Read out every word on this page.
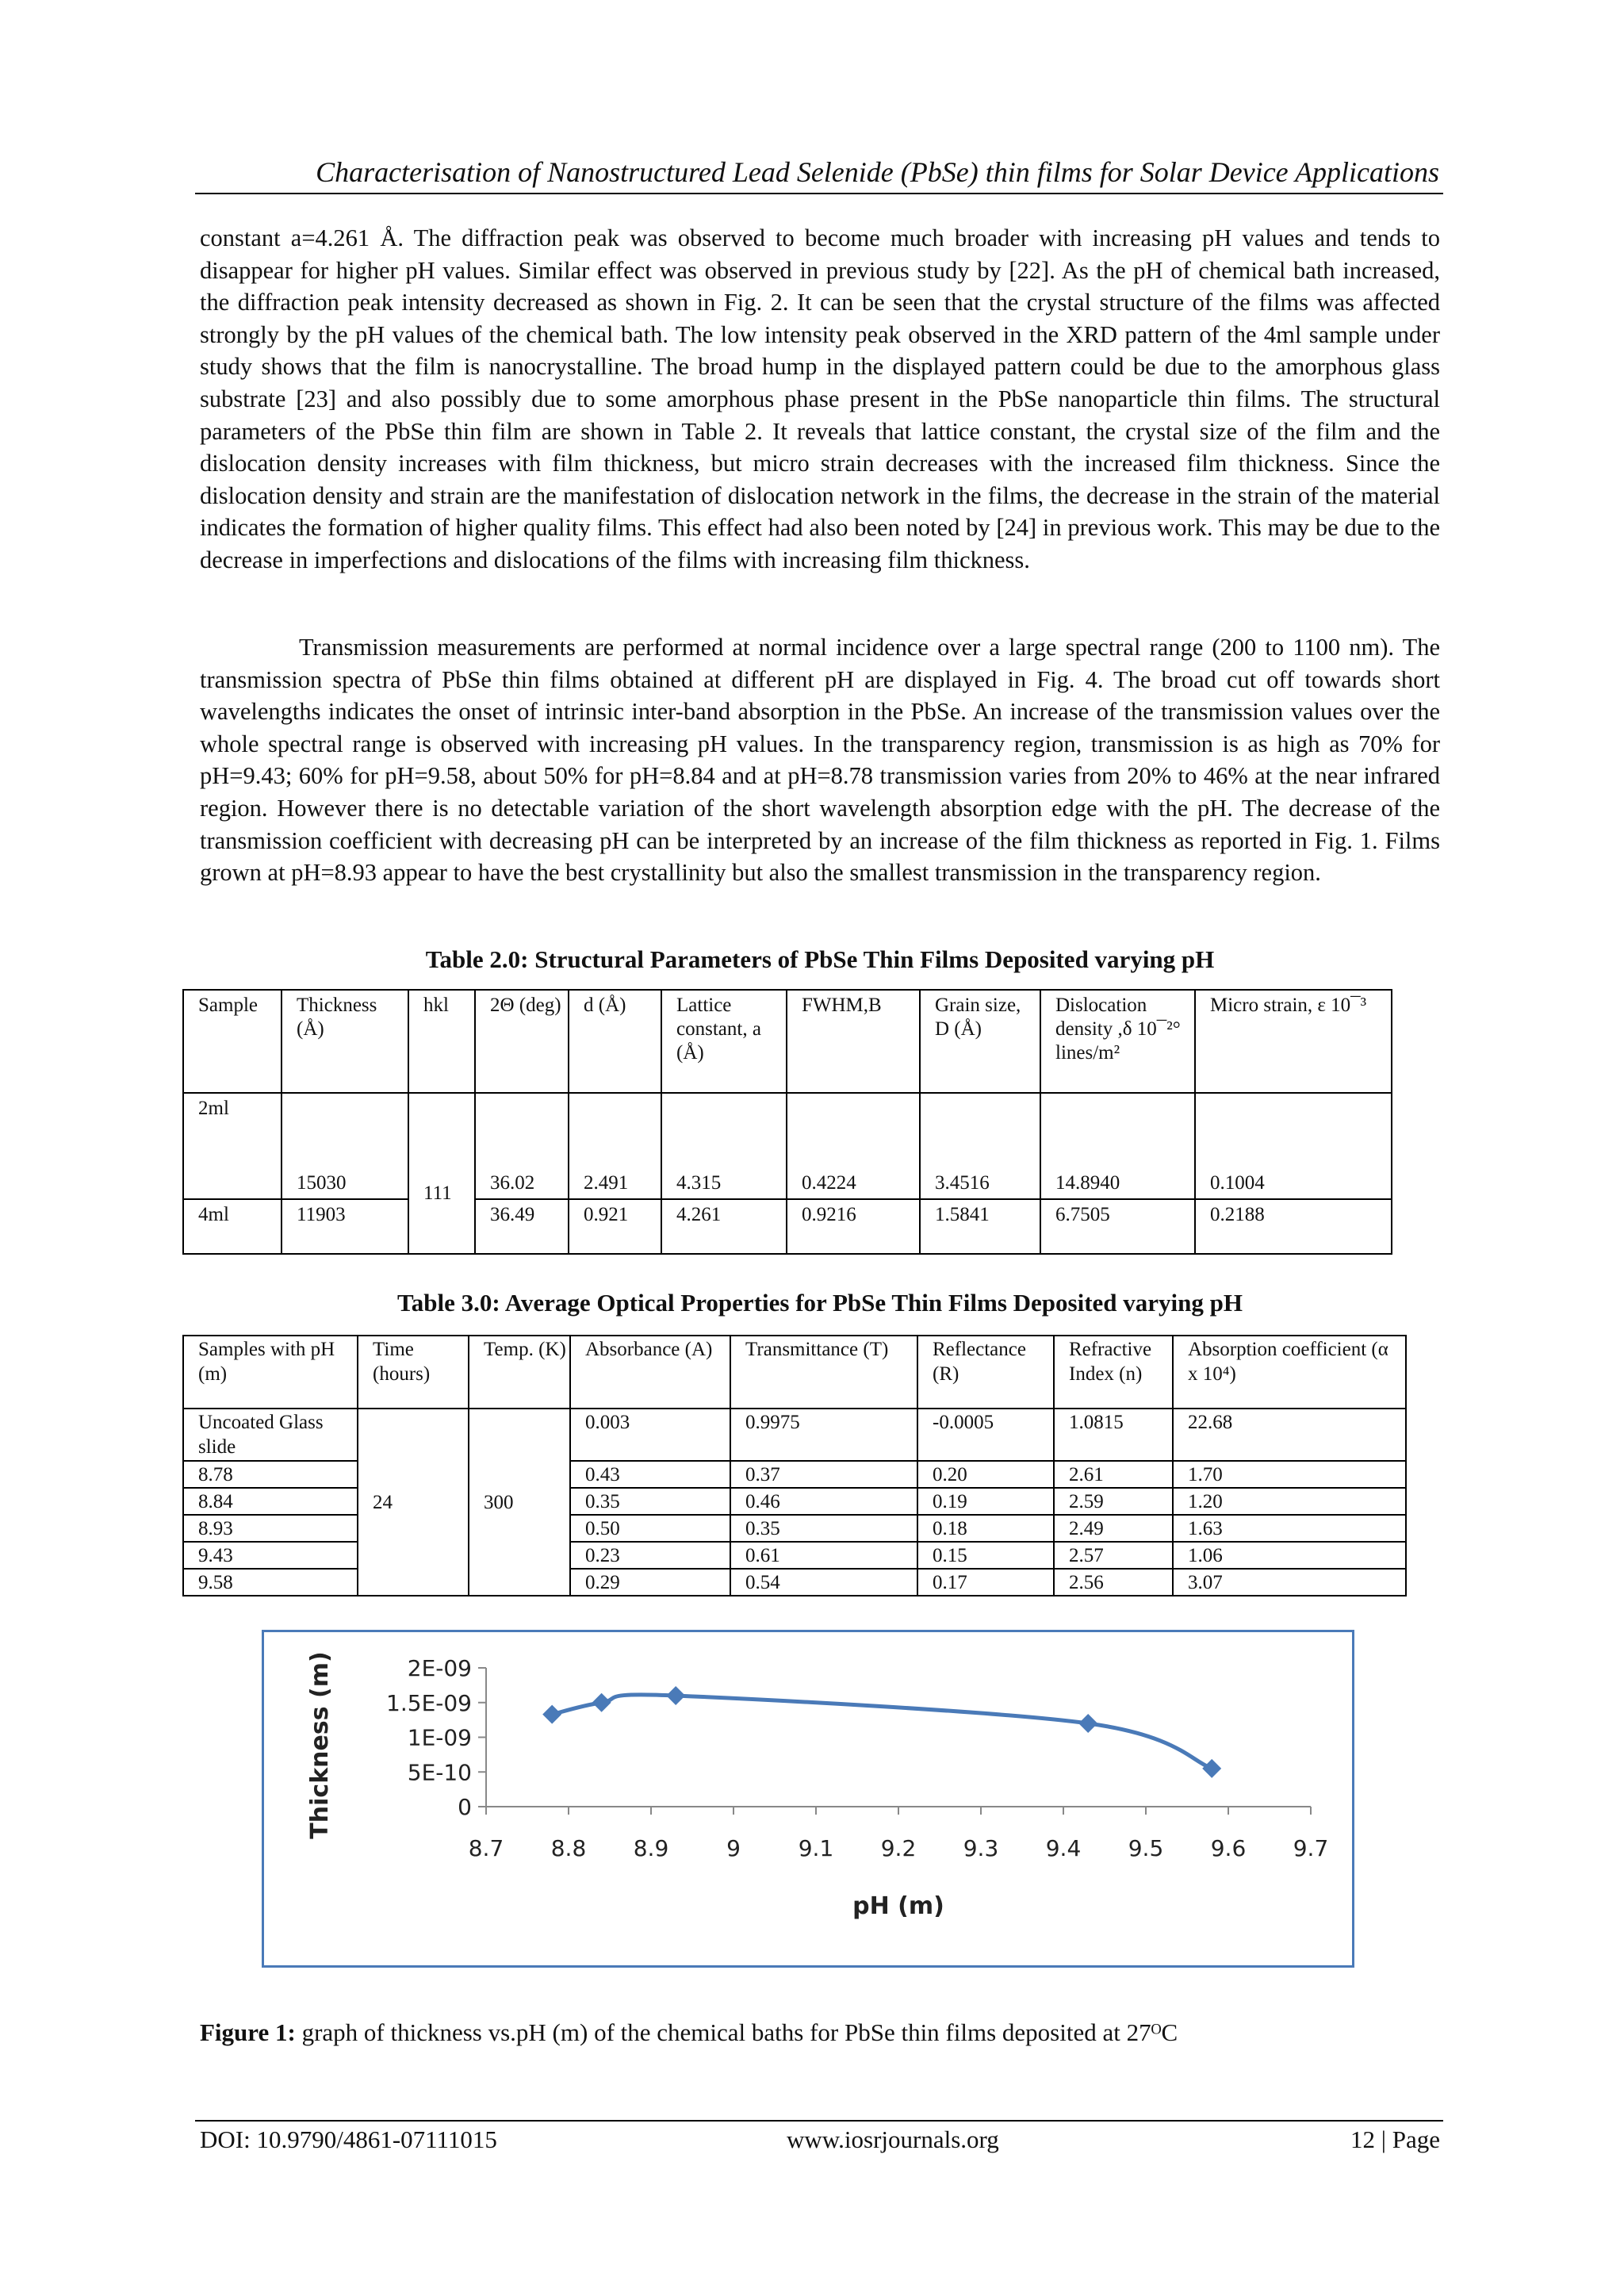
Characterisation of Nanostructured Lead Selenide (PbSe) thin films for Solar Device Applications
constant a=4.261 Å. The diffraction peak was observed to become much broader with increasing pH values and tends to disappear for higher pH values. Similar effect was observed in previous study by [22]. As the pH of chemical bath increased, the diffraction peak intensity decreased as shown in Fig. 2. It can be seen that the crystal structure of the films was affected strongly by the pH values of the chemical bath. The low intensity peak observed in the XRD pattern of the 4ml sample under study shows that the film is nanocrystalline. The broad hump in the displayed pattern could be due to the amorphous glass substrate [23] and also possibly due to some amorphous phase present in the PbSe nanoparticle thin films. The structural parameters of the PbSe thin film are shown in Table 2. It reveals that lattice constant, the crystal size of the film and the dislocation density increases with film thickness, but micro strain decreases with the increased film thickness. Since the dislocation density and strain are the manifestation of dislocation network in the films, the decrease in the strain of the material indicates the formation of higher quality films. This effect had also been noted by [24] in previous work. This may be due to the decrease in imperfections and dislocations of the films with increasing film thickness.
Transmission measurements are performed at normal incidence over a large spectral range (200 to 1100 nm). The transmission spectra of PbSe thin films obtained at different pH are displayed in Fig. 4. The broad cut off towards short wavelengths indicates the onset of intrinsic inter-band absorption in the PbSe. An increase of the transmission values over the whole spectral range is observed with increasing pH values. In the transparency region, transmission is as high as 70% for pH=9.43; 60% for pH=9.58, about 50% for pH=8.84 and at pH=8.78 transmission varies from 20% to 46% at the near infrared region. However there is no detectable variation of the short wavelength absorption edge with the pH. The decrease of the transmission coefficient with decreasing pH can be interpreted by an increase of the film thickness as reported in Fig. 1. Films grown at pH=8.93 appear to have the best crystallinity but also the smallest transmission in the transparency region.
Table 2.0: Structural Parameters of PbSe Thin Films Deposited varying pH
Sample	Thickness (Å)	hkl	2Θ (deg)	d (Å)	Lattice constant, a (Å)	FWHM,B	Grain size, D (Å)	Dislocation density ,δ 10¯²° lines/m²	Micro strain, ε 10¯³
2ml	15030	111	36.02	2.491	4.315	0.4224	3.4516	14.8940	0.1004
4ml	11903		36.49	0.921	4.261	0.9216	1.5841	6.7505	0.2188
Table 3.0: Average Optical Properties for PbSe Thin Films Deposited varying pH
Samples with pH (m)	Time (hours)	Temp. (K)	Absorbance (A)	Transmittance (T)	Reflectance (R)	Refractive Index (n)	Absorption coefficient (α x 10⁴)
Uncoated Glass slide	24	300	0.003	0.9975	-0.0005	1.0815	22.68
8.78			0.43	0.37	0.20	2.61	1.70
8.84			0.35	0.46	0.19	2.59	1.20
8.93			0.50	0.35	0.18	2.49	1.63
9.43			0.23	0.61	0.15	2.57	1.06
9.58			0.29	0.54	0.17	2.56	3.07
0
5E-10
1E-09
1.5E-09
2E-09
8.7 8.8 8.9	9	9.1 9.2 9.3 9.4 9.5 9.6 9.7
Thickness (m)
pH (m)
Figure 1: graph of thickness vs.pH (m) of the chemical baths for PbSe thin films deposited at 27ᴼC
DOI: 10.9790/4861-07111015	www.iosrjournals.org	12 | Page
